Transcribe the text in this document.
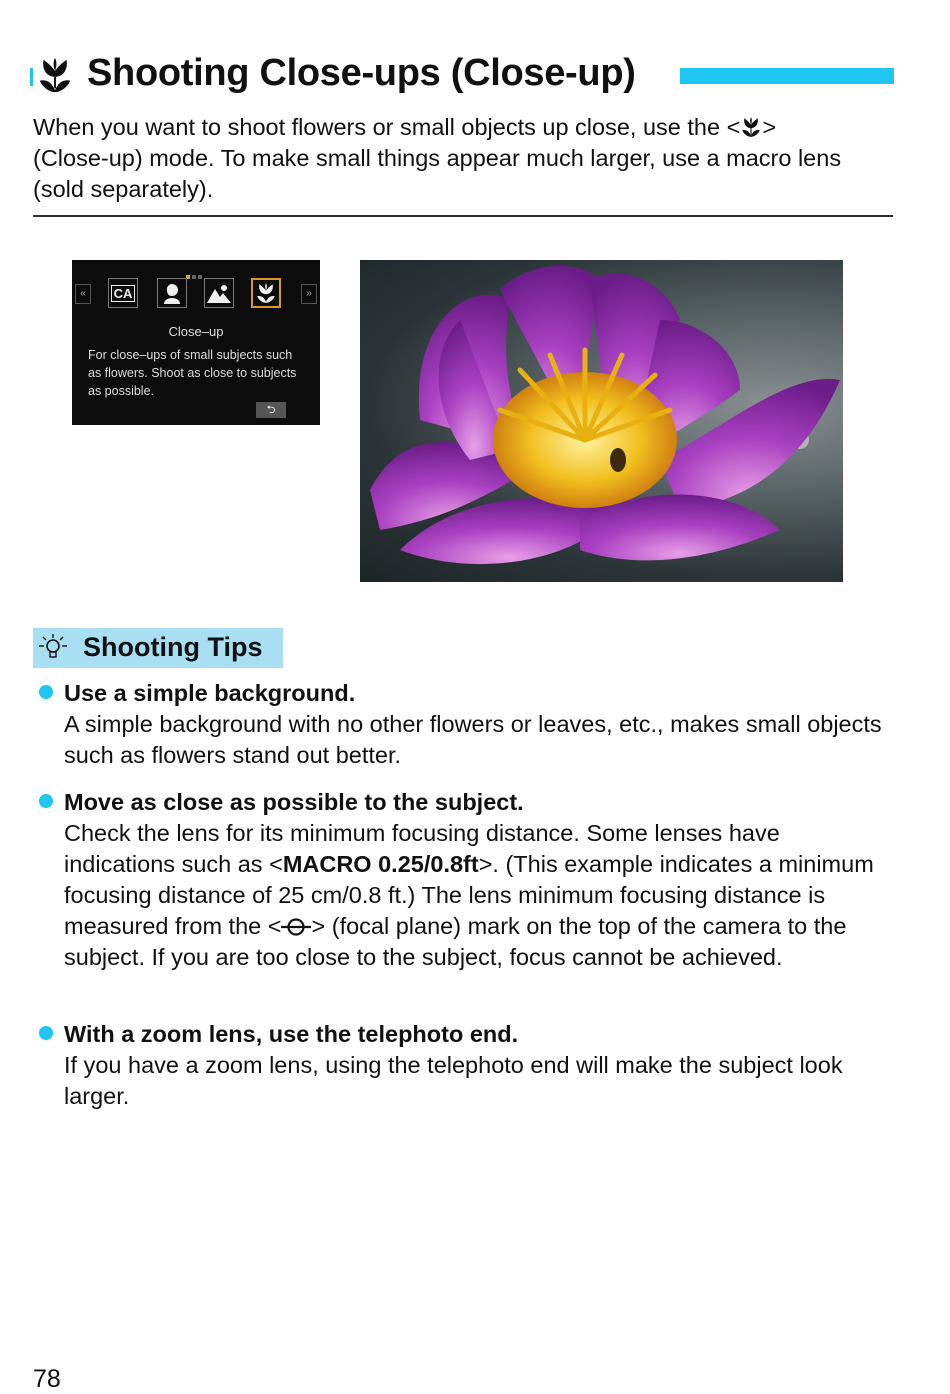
Shooting Close-ups (Close-up)
When you want to shoot flowers or small objects up close, use the < >
(Close-up) mode. To make small things appear much larger, use a macro lens (sold separately).
«	CA	»
Close–up
For close–ups of small subjects such as flowers. Shoot as close to subjects as possible.
⮌
Shooting Tips
Use a simple background.
A simple background with no other flowers or leaves, etc., makes small objects such as flowers stand out better.
Move as close as possible to the subject.
Check the lens for its minimum focusing distance. Some lenses have indications such as <MACRO 0.25/0.8ft>. (This example indicates a minimum focusing distance of 25 cm/0.8 ft.) The lens minimum focusing distance is measured from the < > (focal plane) mark on the top of the camera to the subject. If you are too close to the subject, focus cannot be achieved.
With a zoom lens, use the telephoto end.
If you have a zoom lens, using the telephoto end will make the subject look larger.
78
